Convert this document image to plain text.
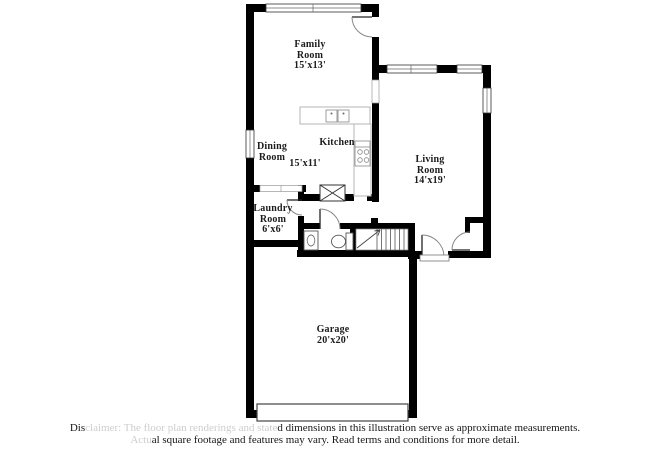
Family Room
15'x13'
Dining Room
15'x11'
Kitchen
Living Room
14'x19'
Laundry Room
6'x6'
Garage
20'x20'
Disclaimer: The floor plan renderings and stated dimensions in this illustration serve as approximate measurements.
Actual square footage and features may vary. Read terms and conditions for more detail.
